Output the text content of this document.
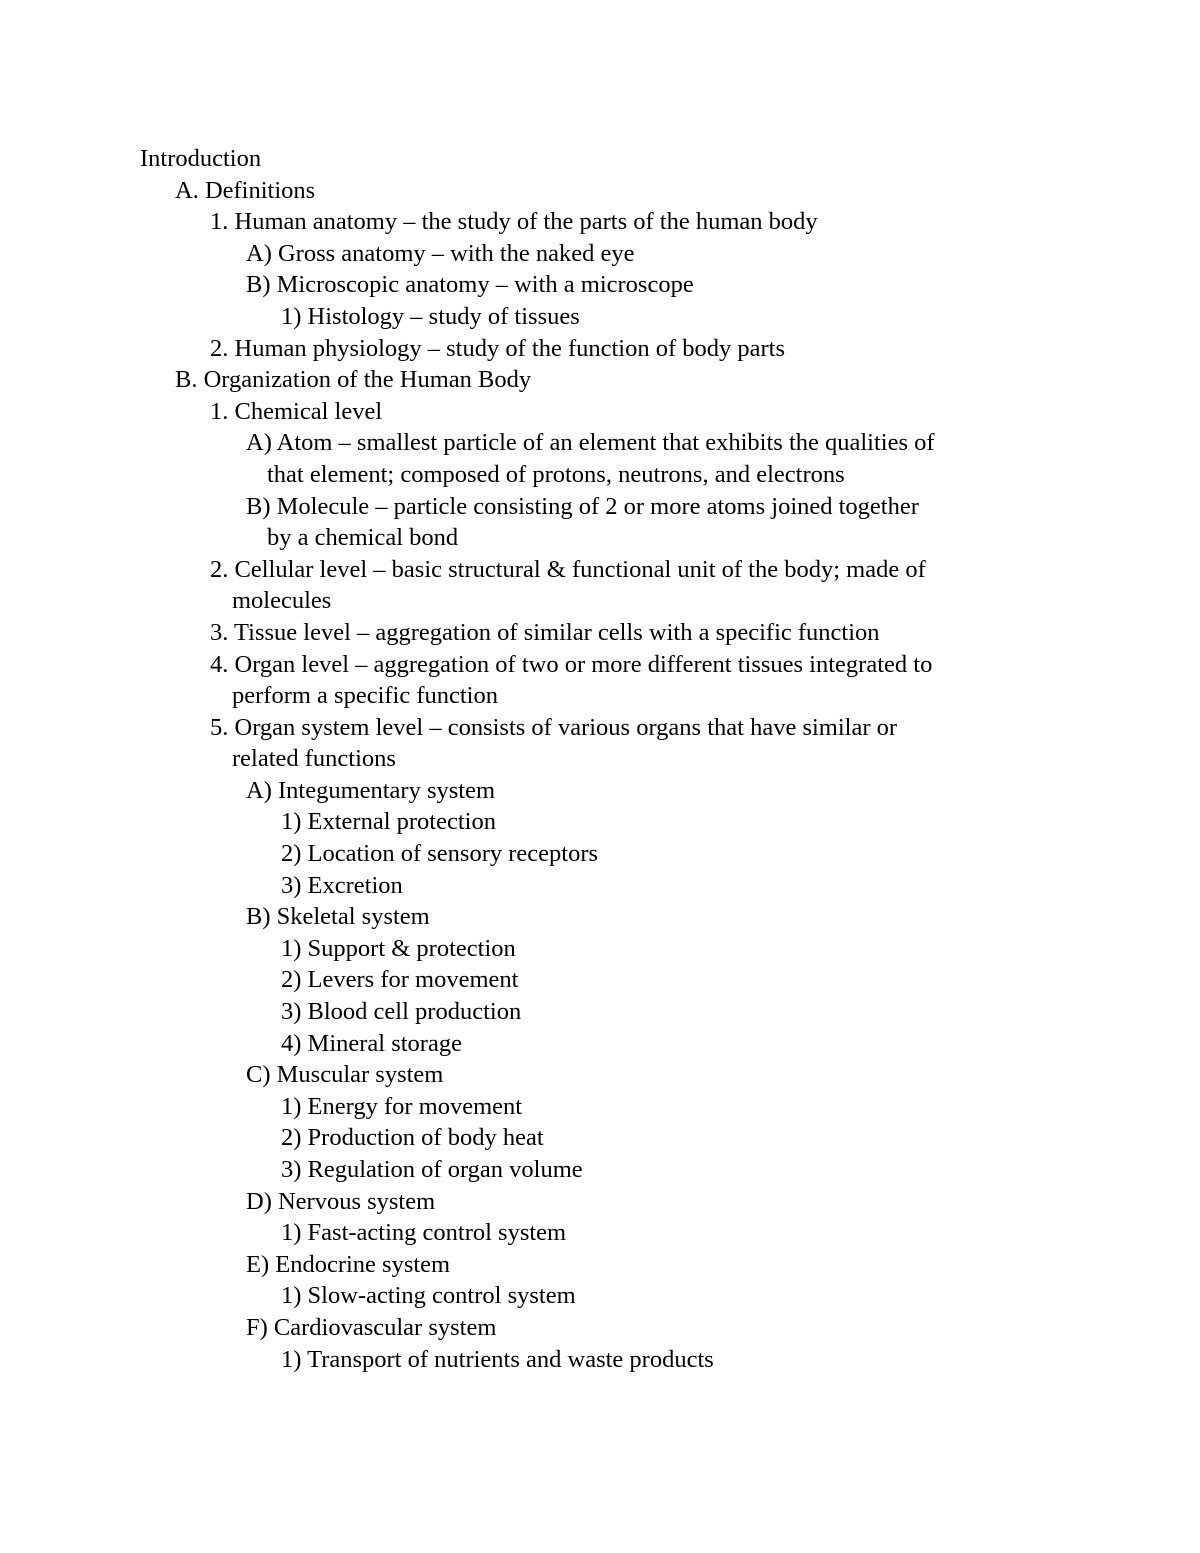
Introduction
A. Definitions
1. Human anatomy – the study of the parts of the human body
A) Gross anatomy – with the naked eye
B) Microscopic anatomy – with a microscope
1) Histology – study of tissues
2. Human physiology – study of the function of body parts
B. Organization of the Human Body
1. Chemical level
A) Atom – smallest particle of an element that exhibits the qualities of
that element; composed of protons, neutrons, and electrons
B) Molecule – particle consisting of 2 or more atoms joined together
by a chemical bond
2. Cellular level – basic structural & functional unit of the body; made of
molecules
3. Tissue level – aggregation of similar cells with a specific function
4. Organ level – aggregation of two or more different tissues integrated to
perform a specific function
5. Organ system level – consists of various organs that have similar or
related functions
A) Integumentary system
1) External protection
2) Location of sensory receptors
3) Excretion
B) Skeletal system
1) Support & protection
2) Levers for movement
3) Blood cell production
4) Mineral storage
C) Muscular system
1) Energy for movement
2) Production of body heat
3) Regulation of organ volume
D) Nervous system
1) Fast-acting control system
E) Endocrine system
1) Slow-acting control system
F) Cardiovascular system
1) Transport of nutrients and waste products
